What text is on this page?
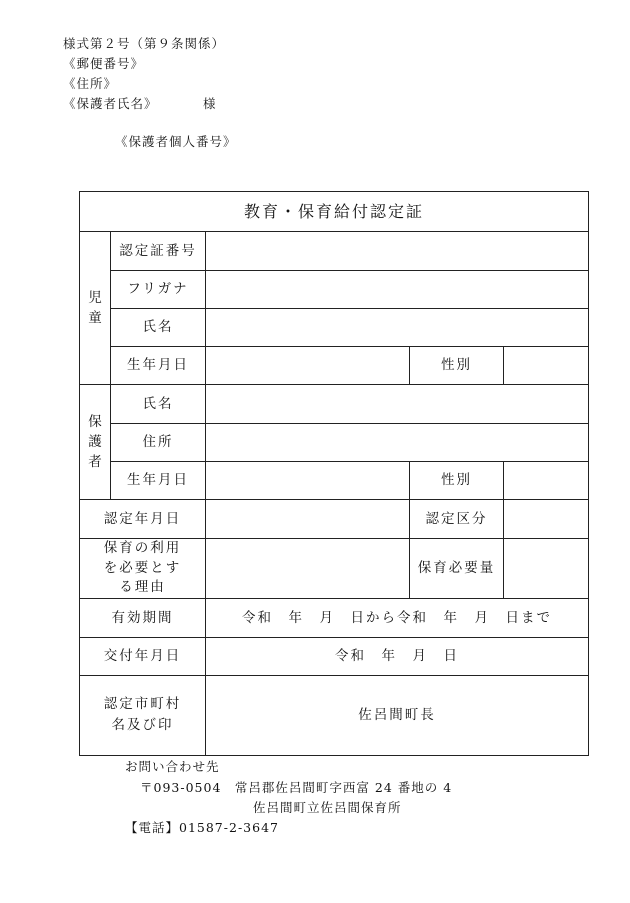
様式第２号（第９条関係）
《郵便番号》
《住所》
《保護者氏名》	様
《保護者個人番号》
教育・保育給付認定証				
児童	認定証番号			
	フリガナ			
	氏名			
	生年月日		性別	
保護者	氏名			
	住所			
	生年月日		性別	
認定年月日			認定区分	
保育の利用を必要とする理由			保育必要量	
有効期間		令和　年　月　日から令和　年　月　日まで		
交付年月日		令和　年　月　日		
認定市町村名及び印		佐呂間町長		
お問い合わせ先
〒093-0504　常呂郡佐呂間町字西富 24 番地の 4
佐呂間町立佐呂間保育所
【電話】01587-2-3647
